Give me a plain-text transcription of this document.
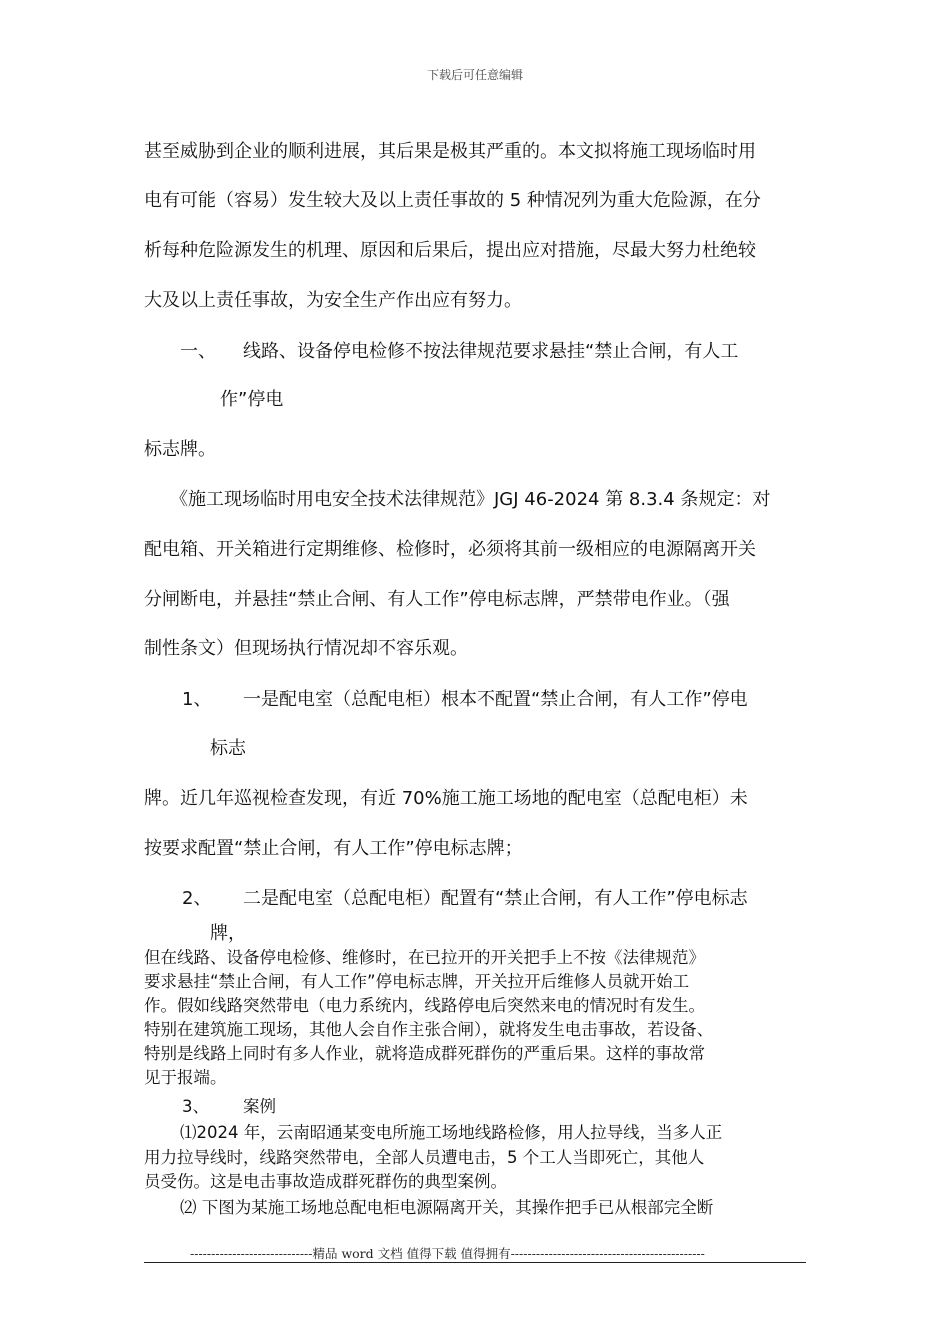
下载后可任意编辑
甚至威胁到企业的顺利进展，其后果是极其严重的。本文拟将施工现场临时用
电有可能（容易）发生较大及以上责任事故的 5 种情况列为重大危险源，在分
析每种危险源发生的机理、原因和后果后，提出应对措施，尽最大努力杜绝较
大及以上责任事故，为安全生产作出应有努力。
一、 线路、设备停电检修不按法律规范要求悬挂“禁止合闸，有人工
作”停电
标志牌。
《施工现场临时用电安全技术法律规范》JGJ 46-2024 第 8.3.4 条规定：对
配电箱、开关箱进行定期维修、检修时，必须将其前一级相应的电源隔离开关
分闸断电，并悬挂“禁止合闸、有人工作”停电标志牌，严禁带电作业。（强
制性条文）但现场执行情况却不容乐观。
1、 一是配电室（总配电柜）根本不配置“禁止合闸，有人工作”停电
标志
牌。近几年巡视检查发现，有近 70%施工施工场地的配电室（总配电柜）未
按要求配置“禁止合闸，有人工作”停电标志牌；
2、 二是配电室（总配电柜）配置有“禁止合闸，有人工作”停电标志
牌，
但在线路、设备停电检修、维修时，在已拉开的开关把手上不按《法律规范》
要求悬挂“禁止合闸，有人工作”停电标志牌，开关拉开后维修人员就开始工
作。假如线路突然带电（电力系统内，线路停电后突然来电的情况时有发生。
特别在建筑施工现场，其他人会自作主张合闸），就将发生电击事故，若设备、
特别是线路上同时有多人作业，就将造成群死群伤的严重后果。这样的事故常
见于报端。
3、 案例
⑴2024 年，云南昭通某变电所施工场地线路检修，用人拉导线，当多人正
用力拉导线时，线路突然带电，全部人员遭电击，5 个工人当即死亡，其他人
员受伤。这是电击事故造成群死群伤的典型案例。
⑵ 下图为某施工场地总配电柜电源隔离开关，其操作把手已从根部完全断
-----------------------------精品 word 文档 值得下载 值得拥有----------------------------------------------
